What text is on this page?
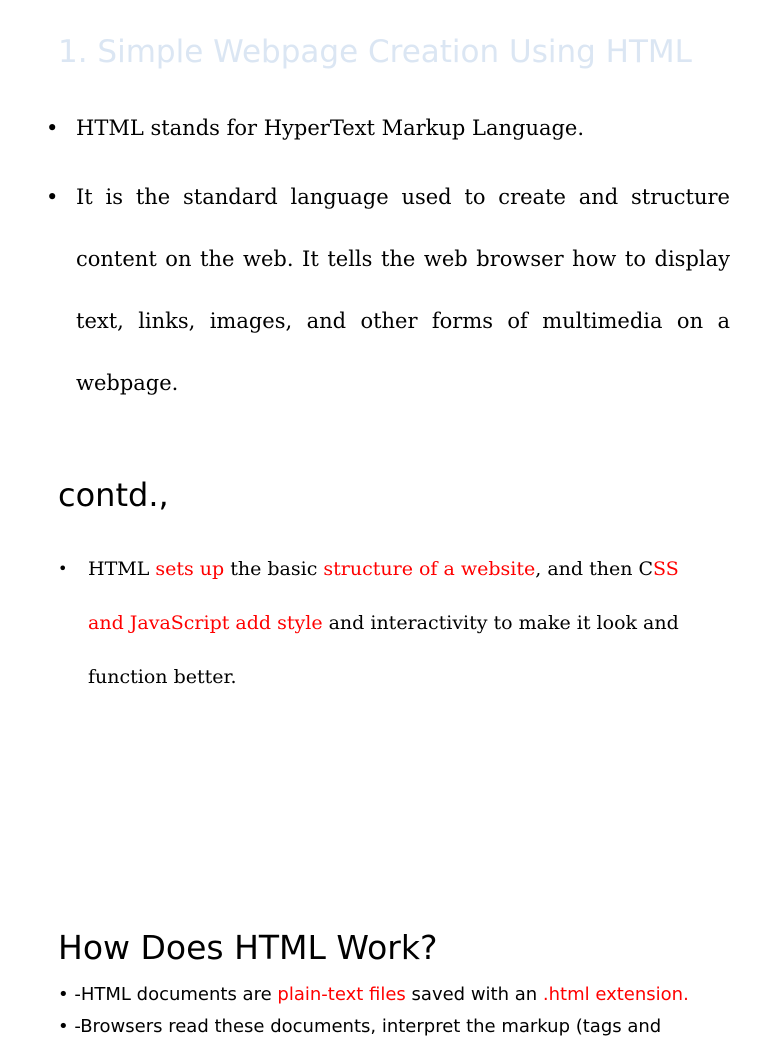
1. Simple Webpage Creation Using HTML
• HTML stands for HyperText Markup Language.
• It is the standard language used to create and structure content on the web. It tells the web browser how to display text, links, images, and other forms of multimedia on a webpage.
contd.,
• HTML sets up the basic structure of a website, and then CSS and JavaScript add style and interactivity to make it look and function better.
How Does HTML Work?
• -HTML documents are plain-text files saved with an .html extension.
• -Browsers read these documents, interpret the markup (tags and
